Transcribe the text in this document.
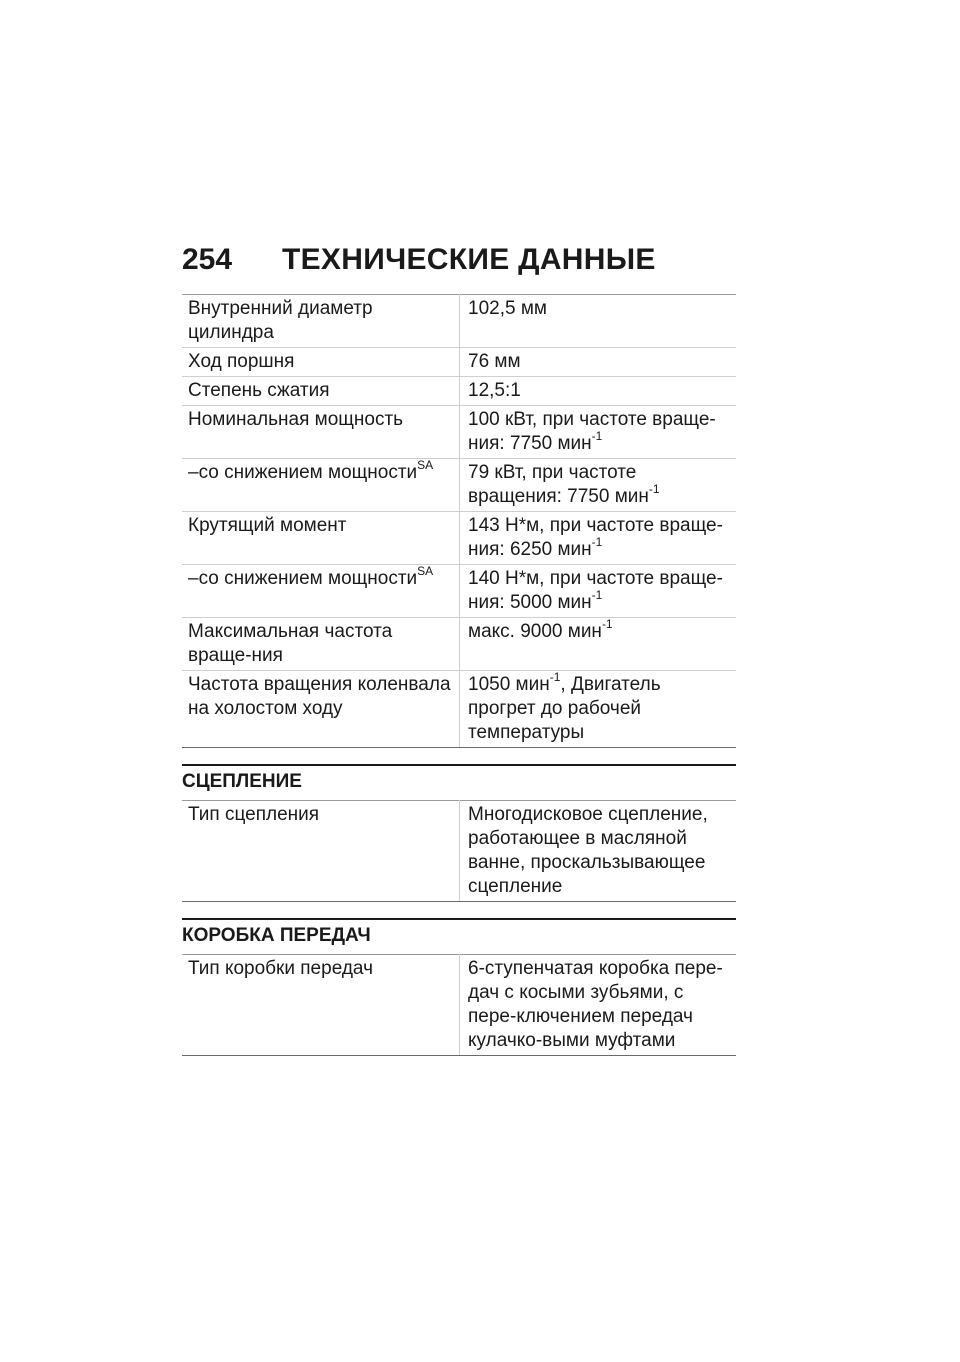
254	ТЕХНИЧЕСКИЕ ДАННЫЕ
Внутренний диаметр цилиндра	102,5 мм
Ход поршня	76 мм
Степень сжатия	12,5:1
Номинальная мощность	100 кВт, при частоте враще-ния: 7750 мин$^{-1}$
–со снижением мощности$^{SA}$	79 кВт, при частоте вращения: 7750 мин$^{-1}$
Крутящий момент	143 Н*м, при частоте враще-ния: 6250 мин$^{-1}$
–со снижением мощности$^{SA}$	140 Н*м, при частоте враще-ния: 5000 мин$^{-1}$
Максимальная частота враще-ния	макс. 9000 мин$^{-1}$
Частота вращения коленвала на холостом ходу	1050 мин$^{-1}$, Двигатель прогрет до рабочей температуры
СЦЕПЛЕНИЕ
Тип сцепления	Многодисковое сцепление, работающее в масляной ванне, проскальзывающее сцепление
КОРОБКА ПЕРЕДАЧ
Тип коробки передач	6-ступенчатая коробка пере-дач с косыми зубьями, с пере-ключением передач кулачко-выми муфтами
